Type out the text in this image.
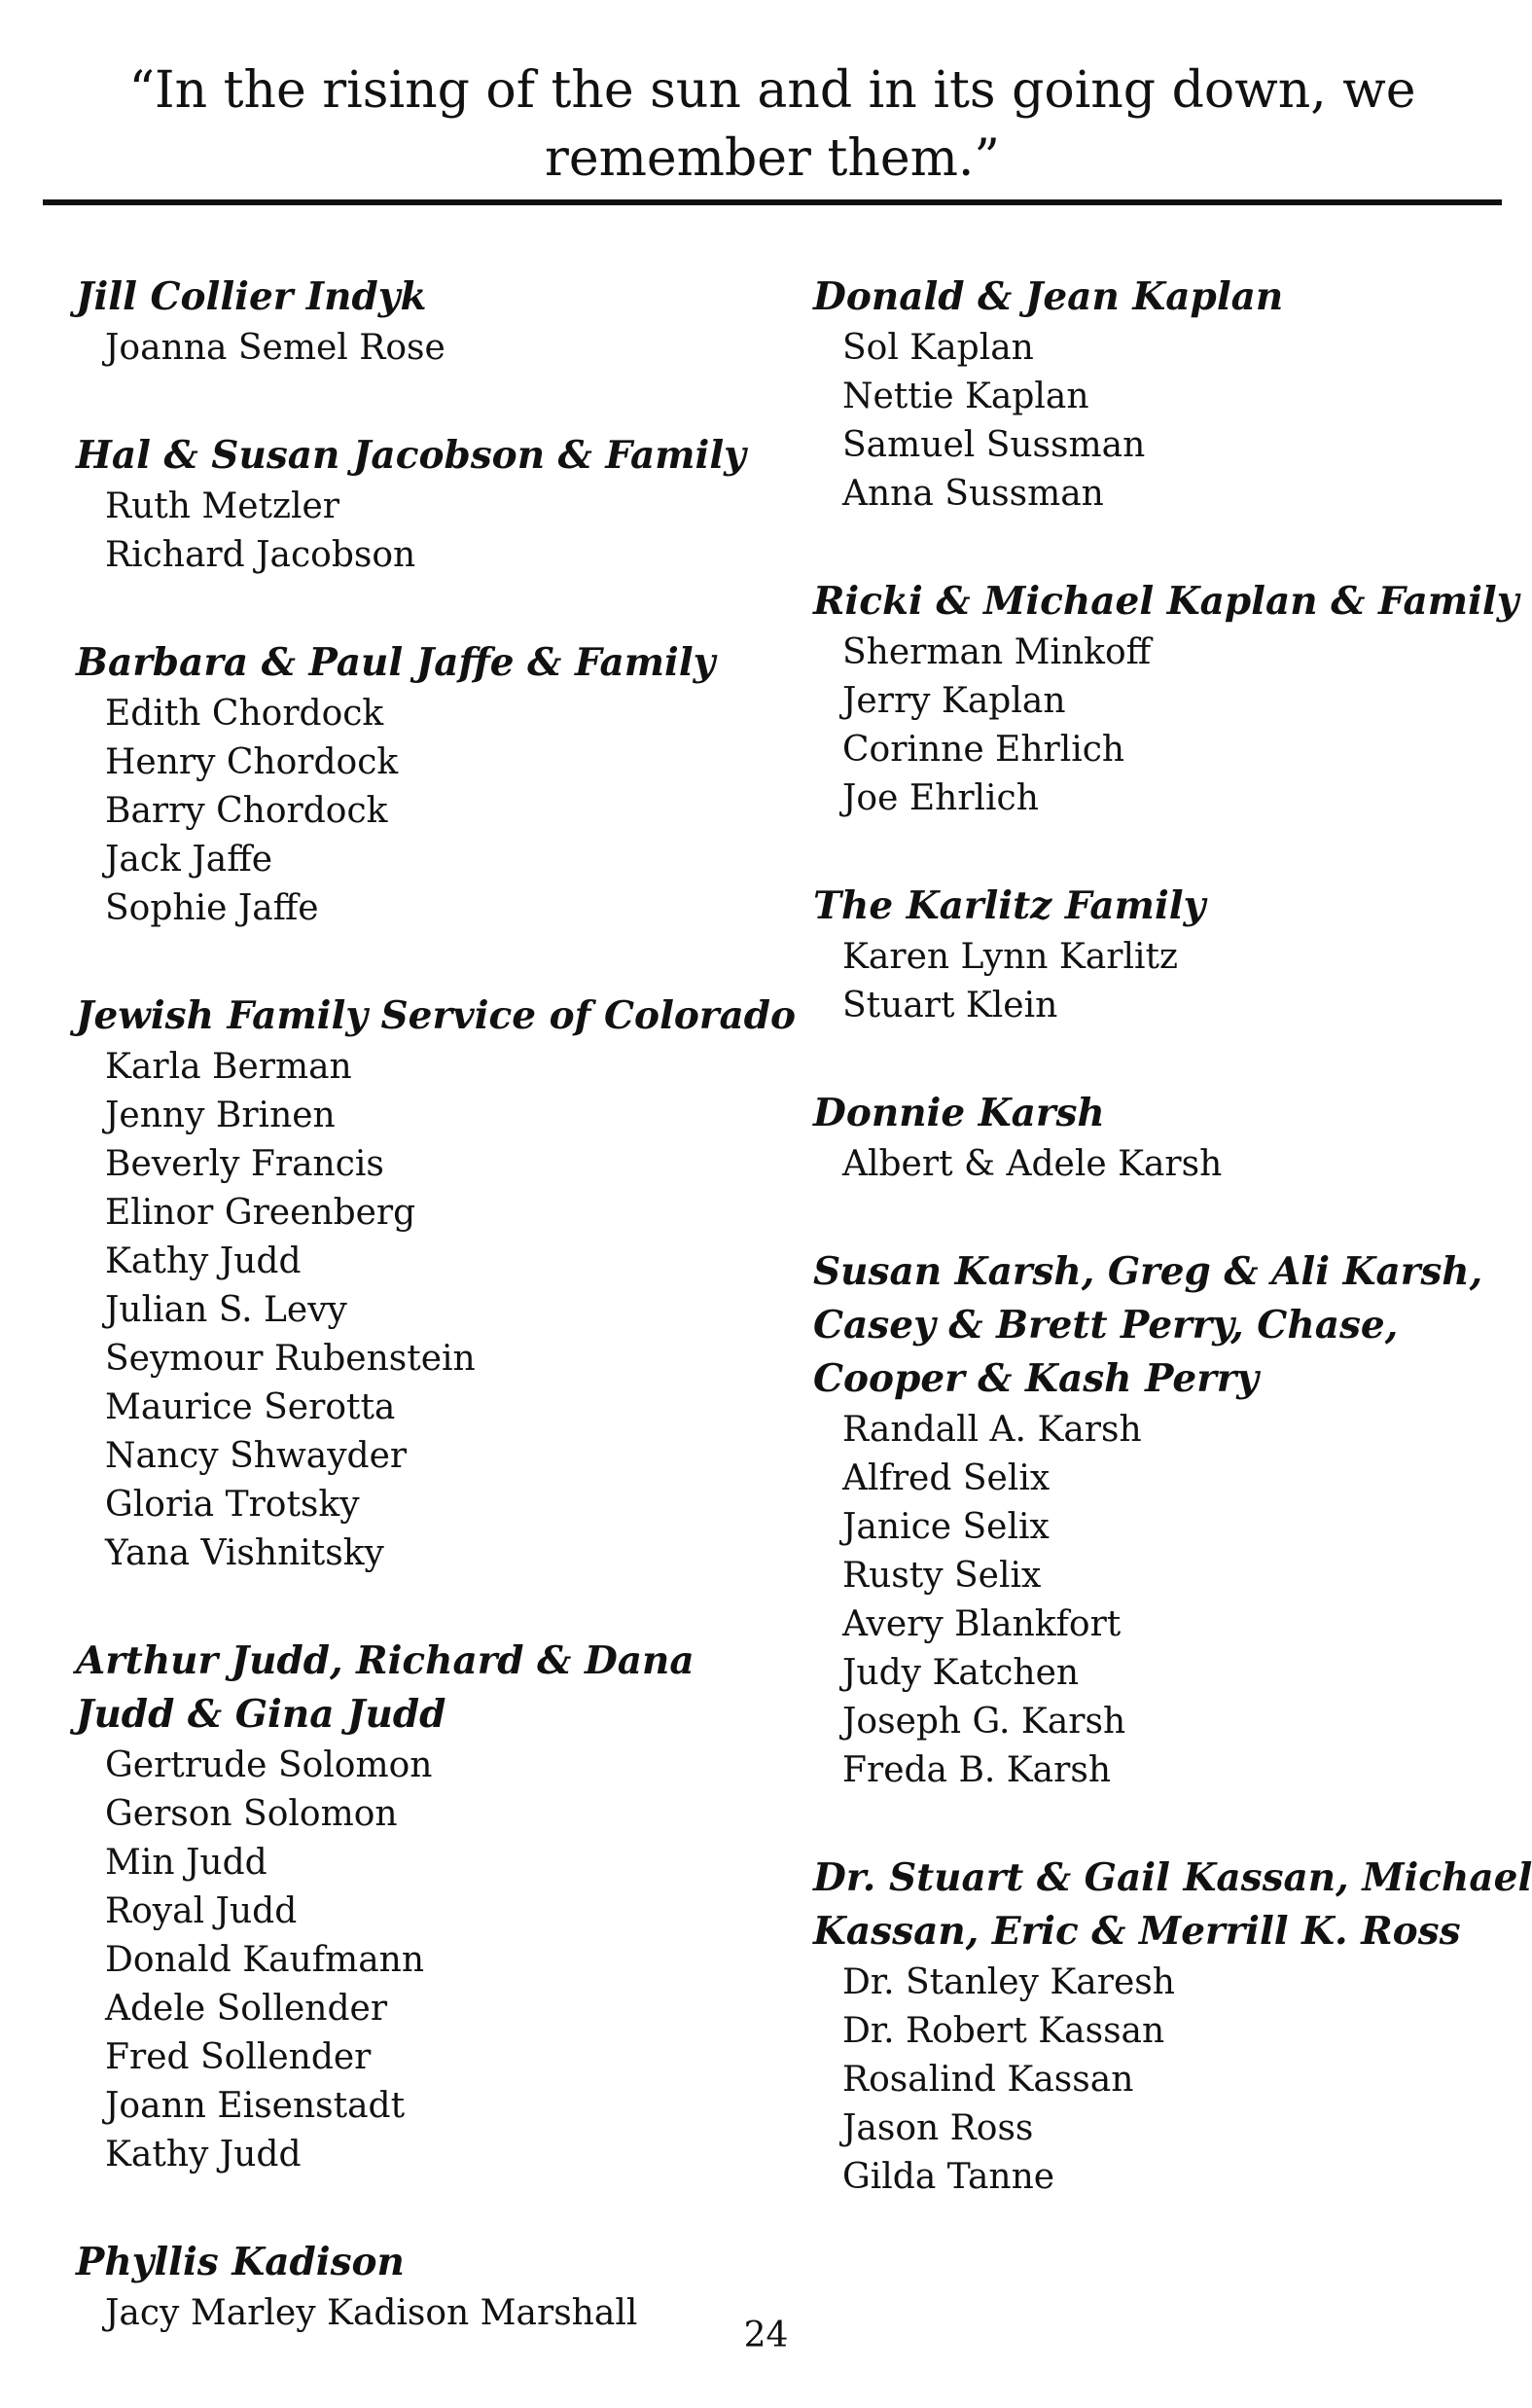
“In the rising of the sun and in its going down, we
remember them.”
Jill Collier Indyk
Joanna Semel Rose
Hal & Susan Jacobson & Family
Ruth Metzler
Richard Jacobson
Barbara & Paul Jaffe & Family
Edith Chordock
Henry Chordock
Barry Chordock
Jack Jaffe
Sophie Jaffe
Jewish Family Service of Colorado
Karla Berman
Jenny Brinen
Beverly Francis
Elinor Greenberg
Kathy Judd
Julian S. Levy
Seymour Rubenstein
Maurice Serotta
Nancy Shwayder
Gloria Trotsky
Yana Vishnitsky
Arthur Judd, Richard & Dana
Judd & Gina Judd
Gertrude Solomon
Gerson Solomon
Min Judd
Royal Judd
Donald Kaufmann
Adele Sollender
Fred Sollender
Joann Eisenstadt
Kathy Judd
Phyllis Kadison
Jacy Marley Kadison Marshall
Donald & Jean Kaplan
Sol Kaplan
Nettie Kaplan
Samuel Sussman
Anna Sussman
Ricki & Michael Kaplan & Family
Sherman Minkoff
Jerry Kaplan
Corinne Ehrlich
Joe Ehrlich
The Karlitz Family
Karen Lynn Karlitz
Stuart Klein
Donnie Karsh
Albert & Adele Karsh
Susan Karsh, Greg & Ali Karsh,
Casey & Brett Perry, Chase,
Cooper & Kash Perry
Randall A. Karsh
Alfred Selix
Janice Selix
Rusty Selix
Avery Blankfort
Judy Katchen
Joseph G. Karsh
Freda B. Karsh
Dr. Stuart & Gail Kassan, Michael
Kassan, Eric & Merrill K. Ross
Dr. Stanley Karesh
Dr. Robert Kassan
Rosalind Kassan
Jason Ross
Gilda Tanne
24
